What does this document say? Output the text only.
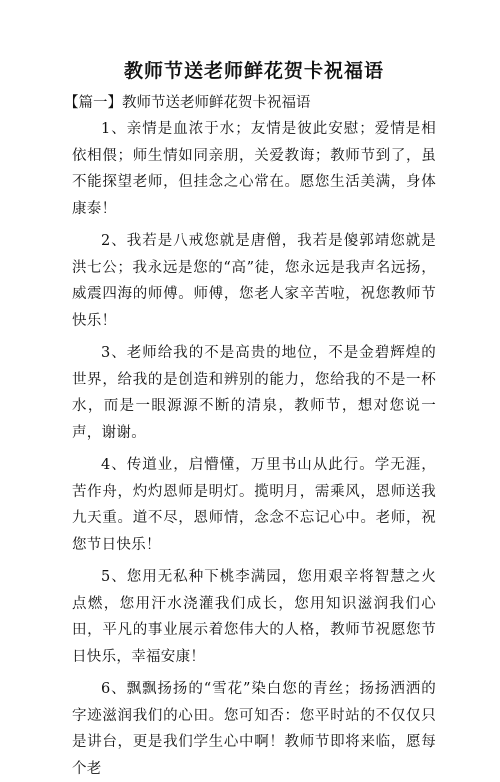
教师节送老师鲜花贺卡祝福语
【篇一】教师节送老师鲜花贺卡祝福语

1、亲情是血浓于水；友情是彼此安慰；爱情是相依相偎；师生情如同亲朋，关爱教诲；教师节到了，虽不能探望老师，但挂念之心常在。愿您生活美满，身体康泰！

2、我若是八戒您就是唐僧，我若是傻郭靖您就是洪七公；我永远是您的“高”徒，您永远是我声名远扬，威震四海的师傅。师傅，您老人家辛苦啦，祝您教师节快乐！

3、老师给我的不是高贵的地位，不是金碧辉煌的世界，给我的是创造和辨别的能力，您给我的不是一杯水，而是一眼源源不断的清泉，教师节，想对您说一声，谢谢。

4、传道业，启懵懂，万里书山从此行。学无涯，苦作舟，灼灼恩师是明灯。揽明月，需乘风，恩师送我九天重。道不尽，恩师情，念念不忘记心中。老师，祝您节日快乐！

5、您用无私种下桃李满园，您用艰辛将智慧之火点燃，您用汗水浇灌我们成长，您用知识滋润我们心田，平凡的事业展示着您伟大的人格，教师节祝愿您节日快乐，幸福安康！

6、飘飘扬扬的“雪花”染白您的青丝；扬扬洒洒的字迹滋润我们的心田。您可知否：您平时站的不仅仅只是讲台，更是我们学生心中啊！教师节即将来临，愿每个老
